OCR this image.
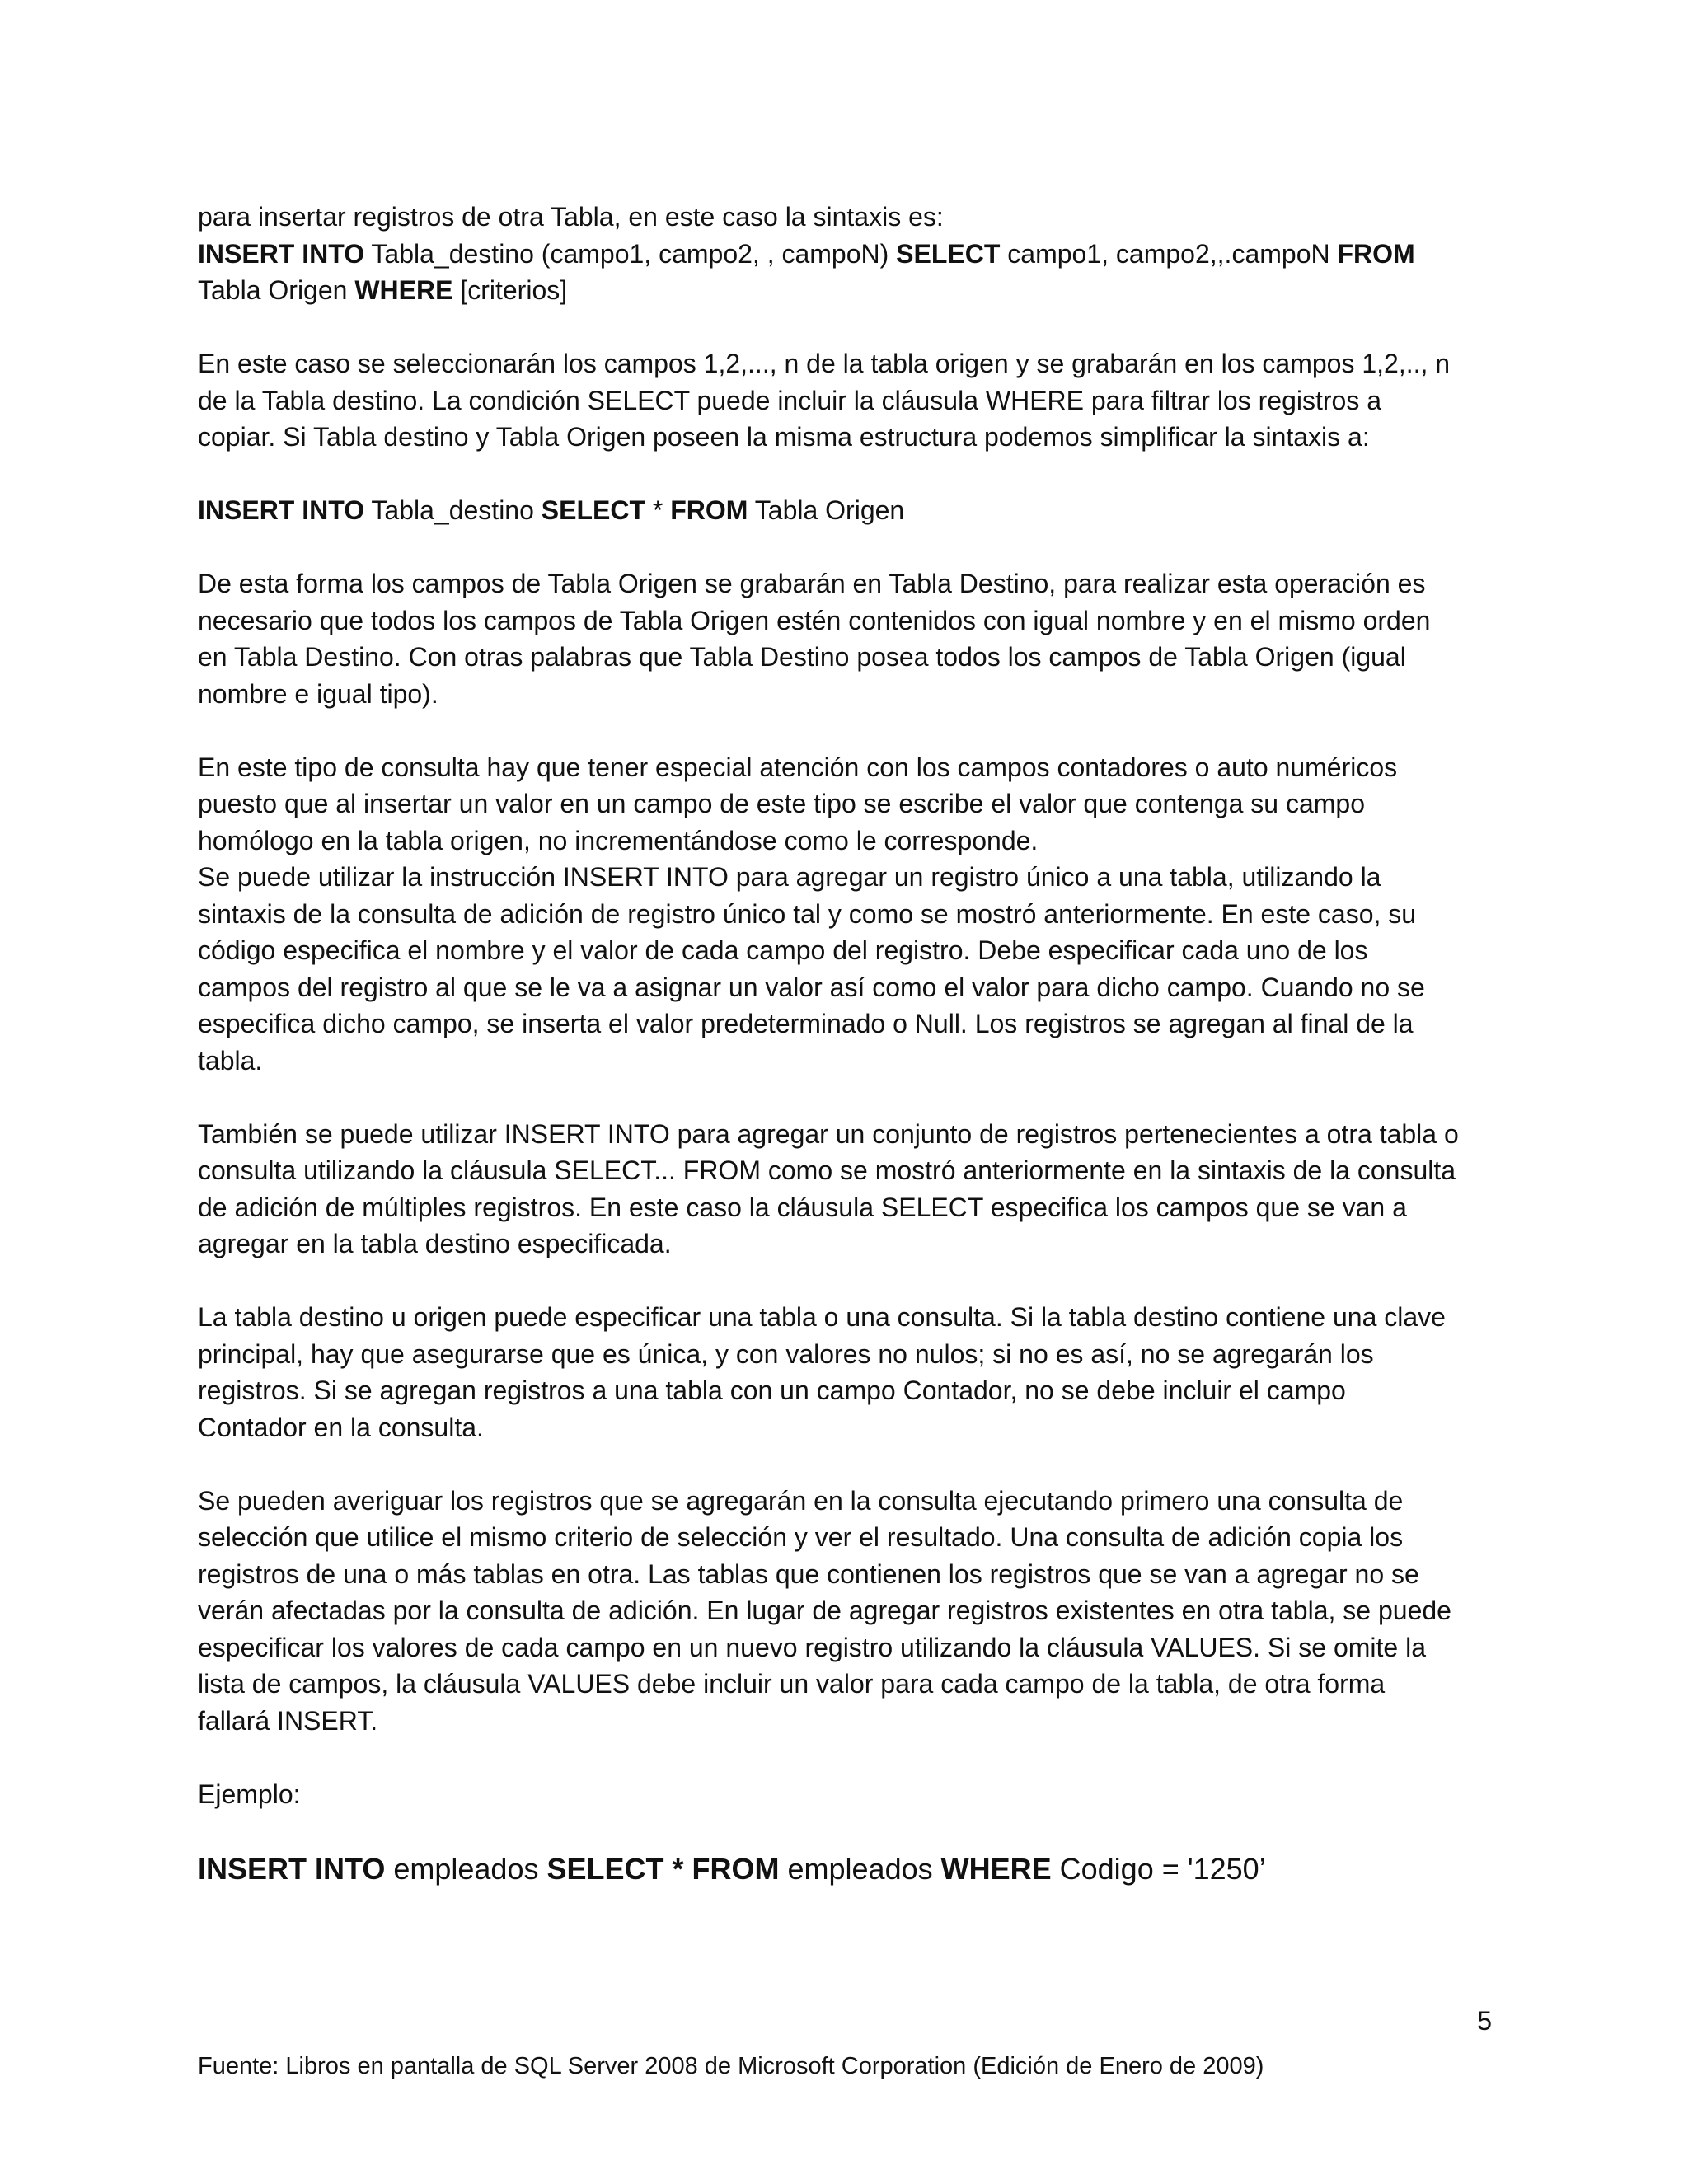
para insertar registros de otra Tabla, en este caso la sintaxis es:
INSERT INTO Tabla_destino (campo1, campo2, , campoN) SELECT campo1, campo2,,.campoN FROM Tabla Origen WHERE [criterios]

En este caso se seleccionarán los campos 1,2,..., n de la tabla origen y se grabarán en los campos 1,2,.., n de la Tabla destino. La condición SELECT puede incluir la cláusula WHERE para filtrar los registros a copiar. Si Tabla destino y Tabla Origen poseen la misma estructura podemos simplificar la sintaxis a:

INSERT INTO Tabla_destino SELECT * FROM Tabla Origen

De esta forma los campos de Tabla Origen se grabarán en Tabla Destino, para realizar esta operación es necesario que todos los campos de Tabla Origen estén contenidos con igual nombre y en el mismo orden en Tabla Destino. Con otras palabras que Tabla Destino posea todos los campos de Tabla Origen (igual nombre e igual tipo).

En este tipo de consulta hay que tener especial atención con los campos contadores o auto numéricos puesto que al insertar un valor en un campo de este tipo se escribe el valor que contenga su campo homólogo en la tabla origen, no incrementándose como le corresponde.

Se puede utilizar la instrucción INSERT INTO para agregar un registro único a una tabla, utilizando la sintaxis de la consulta de adición de registro único tal y como se mostró anteriormente. En este caso, su código especifica el nombre y el valor de cada campo del registro. Debe especificar cada uno de los campos del registro al que se le va a asignar un valor así como el valor para dicho campo. Cuando no se especifica dicho campo, se inserta el valor predeterminado o Null. Los registros se agregan al final de la tabla.

También se puede utilizar INSERT INTO para agregar un conjunto de registros pertenecientes a otra tabla o consulta utilizando la cláusula SELECT... FROM como se mostró anteriormente en la sintaxis de la consulta de adición de múltiples registros. En este caso la cláusula SELECT especifica los campos que se van a agregar en la tabla destino especificada.

La tabla destino u origen puede especificar una tabla o una consulta. Si la tabla destino contiene una clave principal, hay que asegurarse que es única, y con valores no nulos; si no es así, no se agregarán los registros. Si se agregan registros a una tabla con un campo Contador, no se debe incluir el campo Contador en la consulta.

Se pueden averiguar los registros que se agregarán en la consulta ejecutando primero una consulta de selección que utilice el mismo criterio de selección y ver el resultado. Una consulta de adición copia los registros de una o más tablas en otra. Las tablas que contienen los registros que se van a agregar no se verán afectadas por la consulta de adición. En lugar de agregar registros existentes en otra tabla, se puede especificar los valores de cada campo en un nuevo registro utilizando la cláusula VALUES. Si se omite la lista de campos, la cláusula VALUES debe incluir un valor para cada campo de la tabla, de otra forma fallará INSERT.

Ejemplo:

INSERT INTO empleados SELECT * FROM empleados WHERE Codigo = '1250’

5
Fuente: Libros en pantalla de SQL Server 2008 de Microsoft Corporation (Edición de Enero de 2009)
